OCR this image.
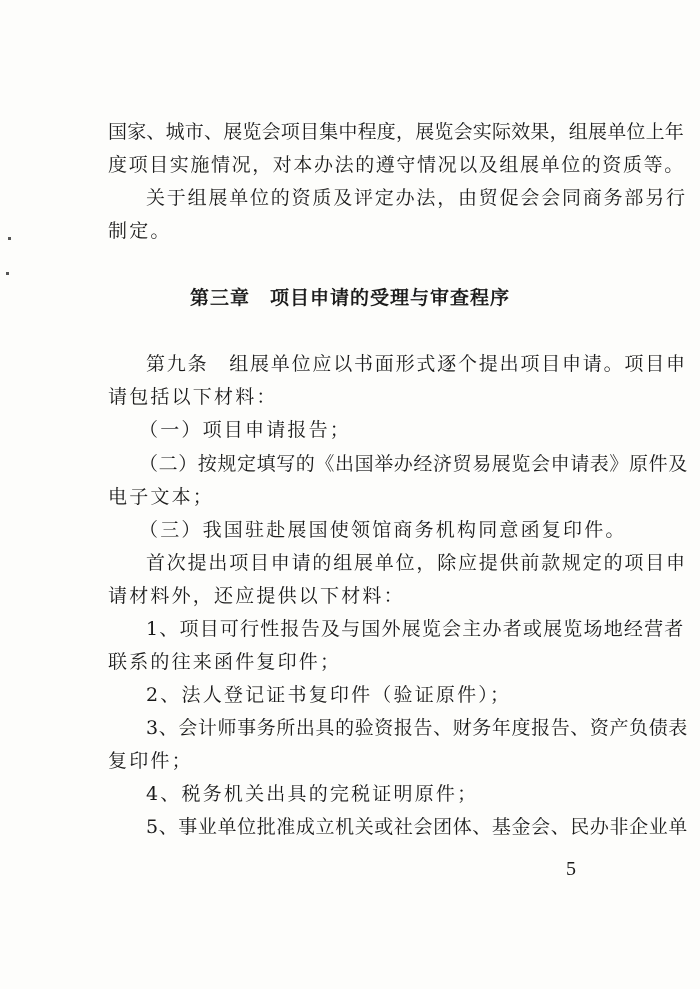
国家、城市、展览会项目集中程度，展览会实际效果，组展单位上年
度项目实施情况，对本办法的遵守情况以及组展单位的资质等。
关于组展单位的资质及评定办法，由贸促会会同商务部另行
制定。
第三章　项目申请的受理与审查程序
第九条　组展单位应以书面形式逐个提出项目申请。项目申
请包括以下材料：
（一）项目申请报告；
（二）按规定填写的《出国举办经济贸易展览会申请表》原件及
电子文本；
（三）我国驻赴展国使领馆商务机构同意函复印件。
首次提出项目申请的组展单位，除应提供前款规定的项目申
请材料外，还应提供以下材料：
1、项目可行性报告及与国外展览会主办者或展览场地经营者
联系的往来函件复印件；
2、法人登记证书复印件（验证原件）；
3、会计师事务所出具的验资报告、财务年度报告、资产负债表
复印件；
4、税务机关出具的完税证明原件；
5、事业单位批准成立机关或社会团体、基金会、民办非企业单
5
